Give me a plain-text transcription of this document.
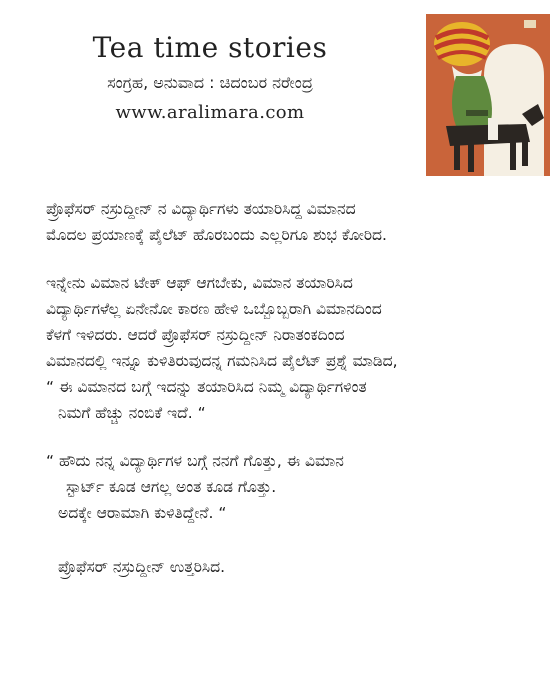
Tea time stories
ಸಂಗ್ರಹ, ಅನುವಾದ : ಚಿದಂಬರ ನರೇಂದ್ರ
www.aralimara.com

ಪ್ರೊಫೆಸರ್ ನಸ್ರುದ್ದೀನ್ ನ ವಿದ್ಯಾರ್ಥಿಗಳು ತಯಾರಿಸಿದ್ದ ವಿಮಾನದ
ಮೊದಲ ಪ್ರಯಾಣಕ್ಕೆ ಪೈಲೆಟ್ ಹೊರಬಂದು ಎಲ್ಲರಿಗೂ ಶುಭ ಕೋರಿದ.

ಇನ್ನೇನು ವಿಮಾನ ಟೇಕ್ ಆಫ್ ಆಗಬೇಕು, ವಿಮಾನ ತಯಾರಿಸಿದ
ವಿದ್ಯಾರ್ಥಿಗಳೆಲ್ಲ ಏನೇನೋ ಕಾರಣ ಹೇಳಿ ಒಬ್ಬೊಬ್ಬರಾಗಿ ವಿಮಾನದಿಂದ
ಕೆಳಗೆ ಇಳಿದರು. ಆದರೆ ಪ್ರೊಫೆಸರ್ ನಸ್ರುದ್ದೀನ್ ನಿರಾತಂಕದಿಂದ
ವಿಮಾನದಲ್ಲಿ ಇನ್ನೂ ಕುಳಿತಿರುವುದನ್ನ ಗಮನಿಸಿದ ಪೈಲೆಟ್ ಪ್ರಶ್ನೆ ಮಾಡಿದ,
“ ಈ ವಿಮಾನದ ಬಗ್ಗೆ ಇದನ್ನು ತಯಾರಿಸಿದ ನಿಮ್ಮ ವಿದ್ಯಾರ್ಥಿಗಳಿಂತ
ನಿಮಗೆ ಹೆಚ್ಚು ನಂಬಿಕೆ ಇದೆ. “

“ ಹೌದು ನನ್ನ ವಿದ್ಯಾರ್ಥಿಗಳ ಬಗ್ಗೆ ನನಗೆ ಗೊತ್ತು, ಈ ವಿಮಾನ
ಸ್ಟಾರ್ಟ್ ಕೂಡ ಆಗಲ್ಲ ಅಂತ ಕೂಡ ಗೊತ್ತು.
ಅದಕ್ಕೇ ಆರಾಮಾಗಿ ಕುಳಿತಿದ್ದೇನೆ. “

ಪ್ರೊಫೆಸರ್ ನಸ್ರುದ್ದೀನ್ ಉತ್ತರಿಸಿದ.
